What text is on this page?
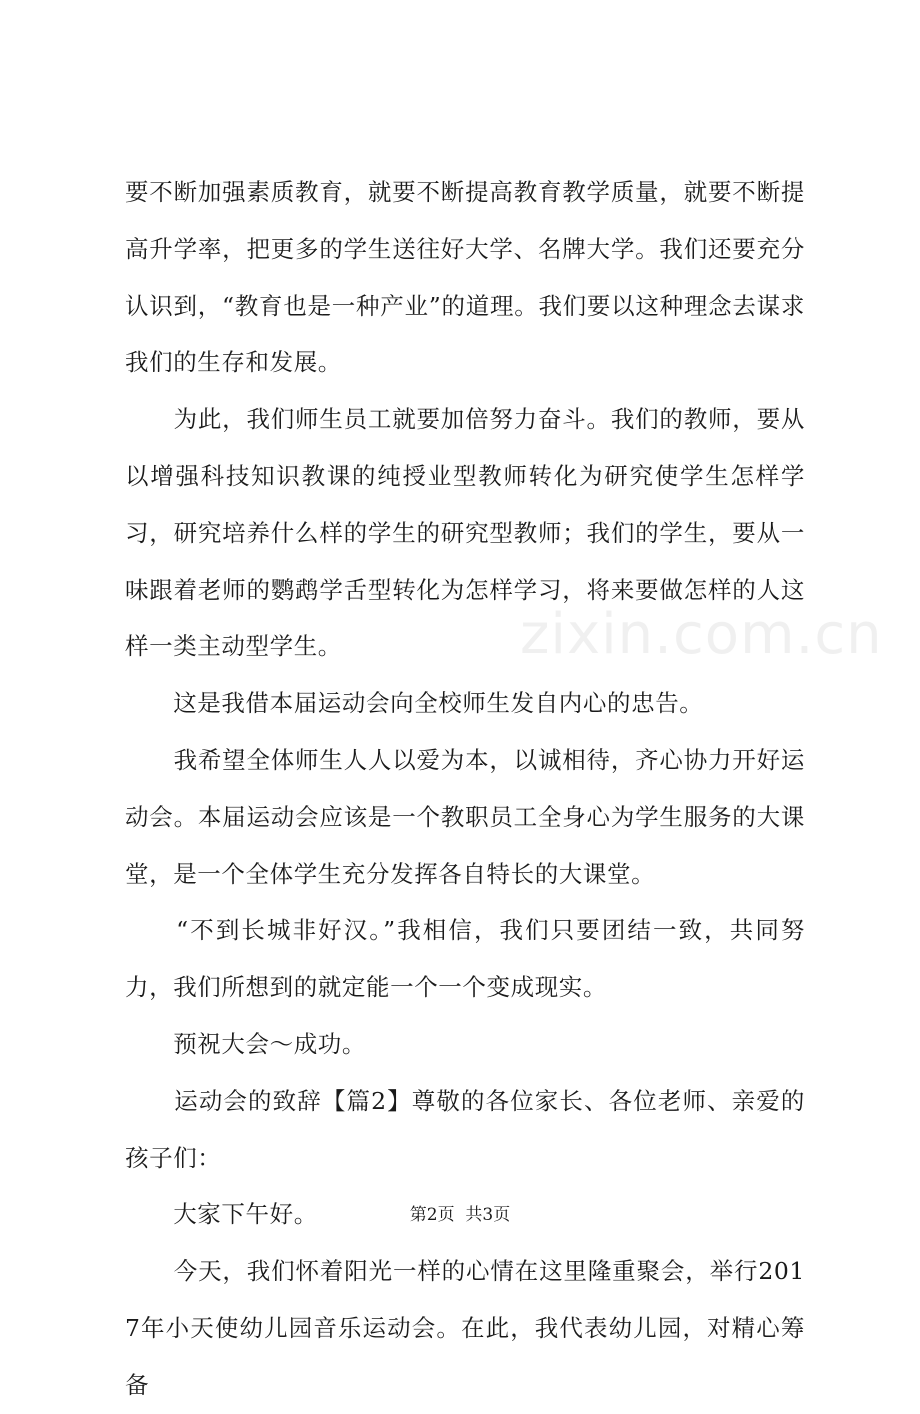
要不断加强素质教育，就要不断提高教育教学质量，就要不断提高升学率，把更多的学生送往好大学、名牌大学。我们还要充分认识到，“教育也是一种产业”的道理。我们要以这种理念去谋求我们的生存和发展。

　　为此，我们师生员工就要加倍努力奋斗。我们的教师，要从以增强科技知识教课的纯授业型教师转化为研究使学生怎样学习，研究培养什么样的学生的研究型教师；我们的学生，要从一味跟着老师的鹦鹉学舌型转化为怎样学习，将来要做怎样的人这样一类主动型学生。

　　这是我借本届运动会向全校师生发自内心的忠告。

　　我希望全体师生人人以爱为本，以诚相待，齐心协力开好运动会。本届运动会应该是一个教职员工全身心为学生服务的大课堂，是一个全体学生充分发挥各自特长的大课堂。

　　“不到长城非好汉。”我相信，我们只要团结一致，共同努力，我们所想到的就定能一个一个变成现实。

　　预祝大会～成功。

　　运动会的致辞【篇2】尊敬的各位家长、各位老师、亲爱的孩子们：

　　大家下午好。

　　今天，我们怀着阳光一样的心情在这里隆重聚会，举行2017年小天使幼儿园音乐运动会。在此，我代表幼儿园，对精心筹备

zixin.com.cn
第2页  共3页
